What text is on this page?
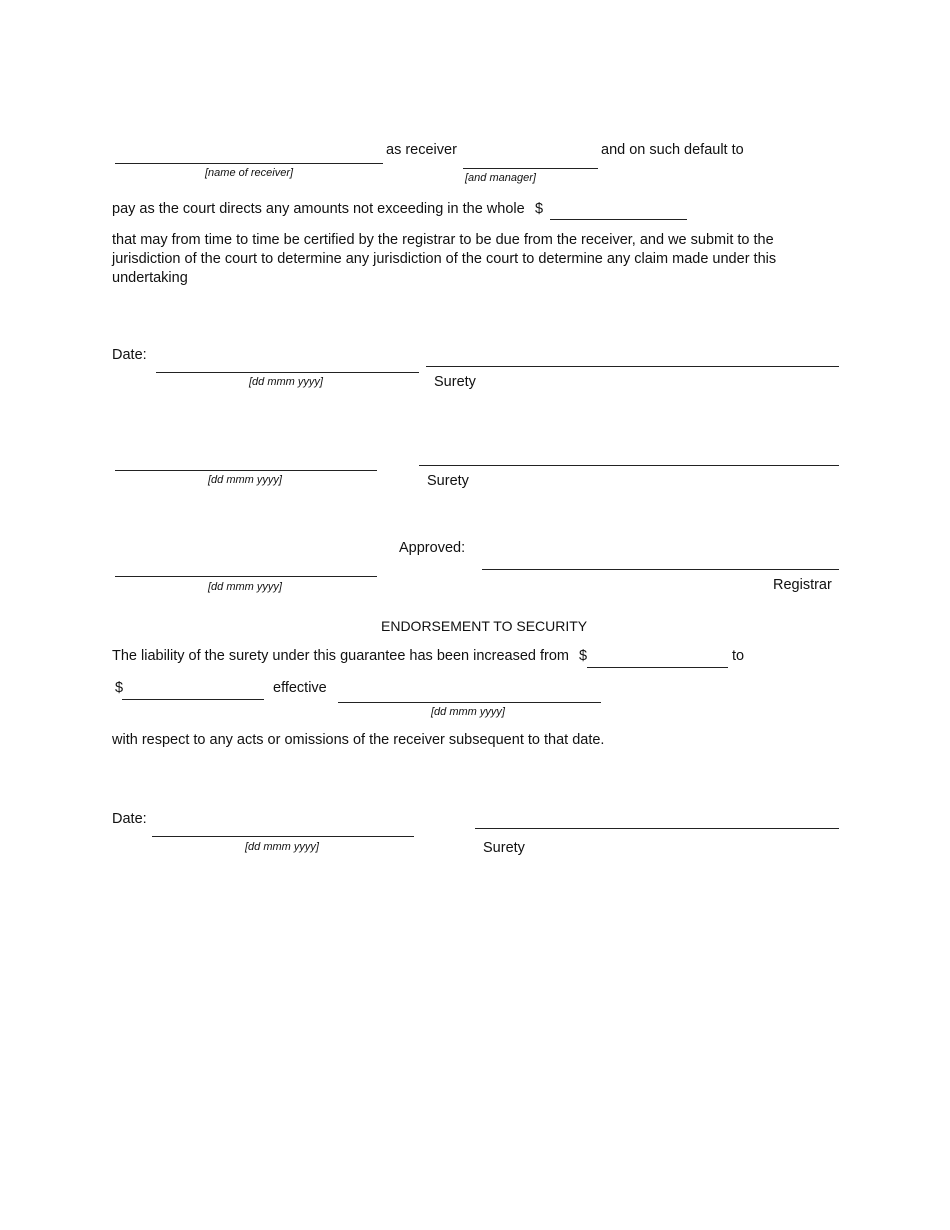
[name of receiver]
as receiver
[and manager]
and on such default to
pay as the court directs any amounts not exceeding in the whole $

that may from time to time be certified by the registrar to be due from the receiver, and we submit to the jurisdiction of the court to determine any jurisdiction of the court to determine any claim made under this undertaking

Date:
[dd mmm yyyy]	Surety
[dd mmm yyyy]	Surety
Approved:
[dd mmm yyyy]	Registrar
ENDORSEMENT TO SECURITY
The liability of the surety under this guarantee has been increased from $	to
$	effective
[dd mmm yyyy]
with respect to any acts or omissions of the receiver subsequent to that date.
Date:
[dd mmm yyyy]	Surety
